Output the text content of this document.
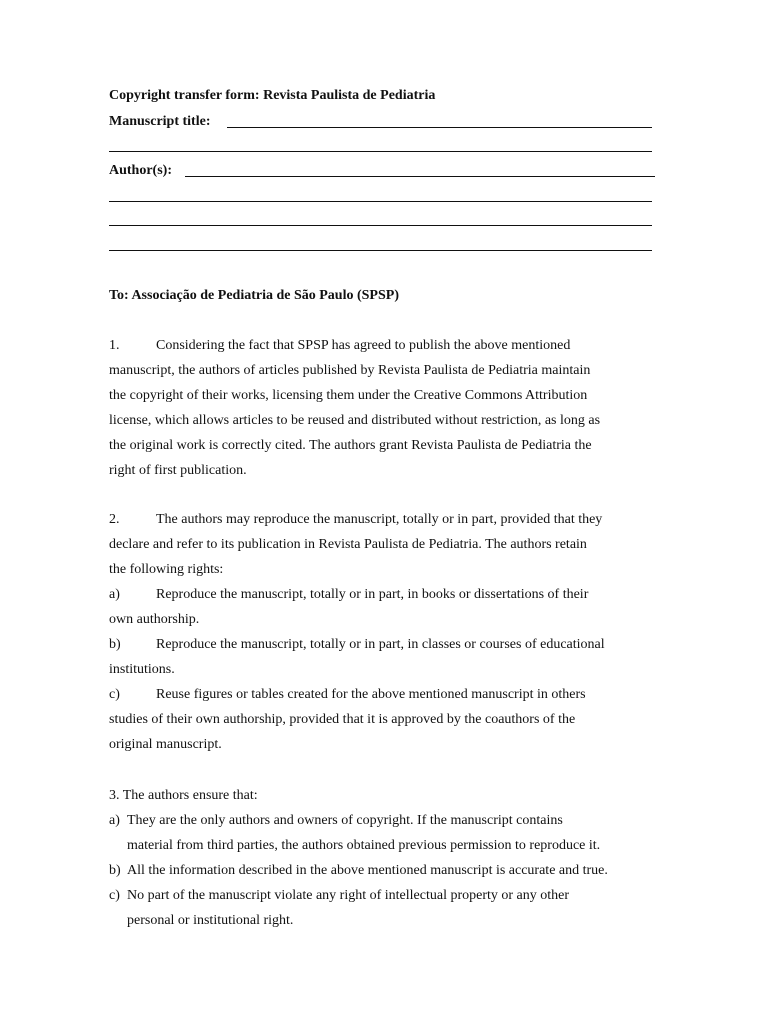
Copyright transfer form: Revista Paulista de Pediatria
Manuscript title:
Author(s):
To: Associação de Pediatria de São Paulo (SPSP)
1.	Considering the fact that SPSP has agreed to publish the above mentioned
manuscript, the authors of articles published by Revista Paulista de Pediatria maintain
the copyright of their works, licensing them under the Creative Commons Attribution
license, which allows articles to be reused and distributed without restriction, as long as
the original work is correctly cited. The authors grant Revista Paulista de Pediatria the
right of first publication.
2.	The authors may reproduce the manuscript, totally or in part, provided that they
declare and refer to its publication in Revista Paulista de Pediatria. The authors retain
the following rights:
a)	Reproduce the manuscript, totally or in part, in books or dissertations of their
own authorship.
b)	Reproduce the manuscript, totally or in part, in classes or courses of educational
institutions.
c)	Reuse figures or tables created for the above mentioned manuscript in others
studies of their own authorship, provided that it is approved by the coauthors of the
original manuscript.
3. The authors ensure that:
a) They are the only authors and owners of copyright. If the manuscript contains
material from third parties, the authors obtained previous permission to reproduce it.
b) All the information described in the above mentioned manuscript is accurate and true.
c) No part of the manuscript violate any right of intellectual property or any other
personal or institutional right.
